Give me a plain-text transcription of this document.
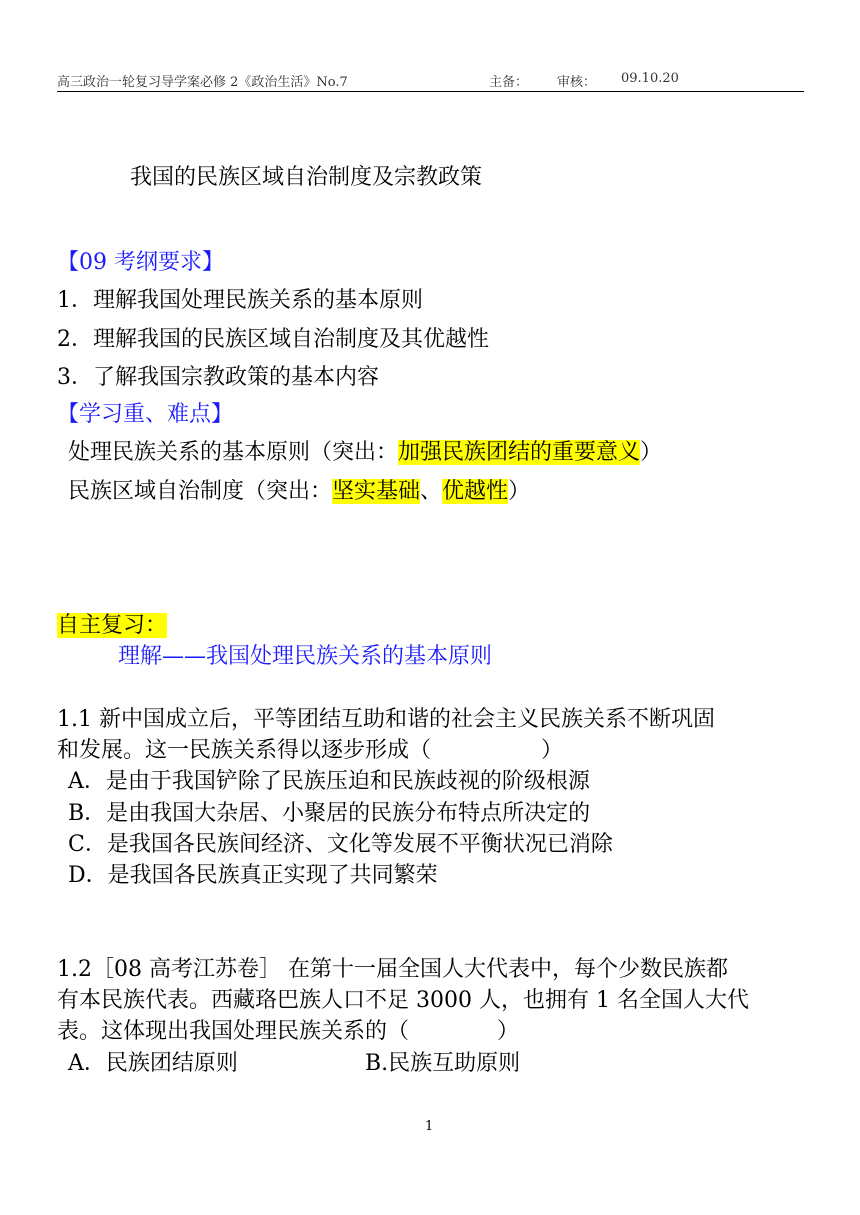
高三政治一轮复习导学案必修 2《政治生活》No.7	主备： 审核： 09.10.20
我国的民族区域自治制度及宗教政策
【09 考纲要求】
1．理解我国处理民族关系的基本原则
2．理解我国的民族区域自治制度及其优越性
3．了解我国宗教政策的基本内容
【学习重、难点】
处理民族关系的基本原则（突出：加强民族团结的重要意义）
民族区域自治制度（突出：坚实基础、优越性）
自主复习：
理解——我国处理民族关系的基本原则
1.1 新中国成立后，平等团结互助和谐的社会主义民族关系不断巩固
和发展。这一民族关系得以逐步形成（　　　　　）
A．是由于我国铲除了民族压迫和民族歧视的阶级根源
B．是由我国大杂居、小聚居的民族分布特点所决定的
C．是我国各民族间经济、文化等发展不平衡状况已消除
D．是我国各民族真正实现了共同繁荣
1.2［08 高考江苏卷］ 在第十一届全国人大代表中，每个少数民族都
有本民族代表。西藏珞巴族人口不足 3000 人，也拥有 1 名全国人大代
表。这体现出我国处理民族关系的（　　　　）
A．民族团结原则	B.民族互助原则
1
